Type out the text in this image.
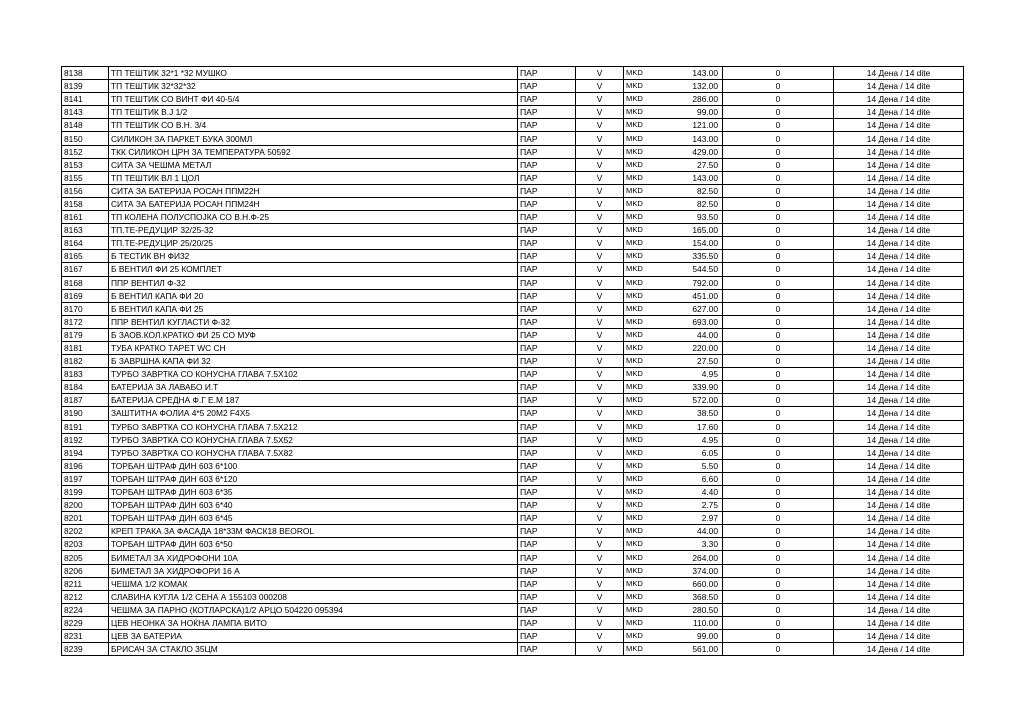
8138	ТП ТЕШТИК 32*1 *32 МУШКО	ПАР	V	MKD	143.00	0	14 Дена / 14 dite
8139	ТП ТЕШТИК 32*32*32	ПАР	V	MKD	132.00	0	14 Дена / 14 dite
8141	ТП ТЕШТИК СО ВИНТ ФИ 40-5/4	ПАР	V	MKD	286.00	0	14 Дена / 14 dite
8143	ТП ТЕШТИК В.Ј 1/2	ПАР	V	MKD	99.00	0	14 Дена / 14 dite
8148	ТП ТЕШТИК СО В.Н. 3/4	ПАР	V	MKD	121.00	0	14 Дена / 14 dite
8150	СИЛИКОН ЗА ПАРКЕТ БУКА 300МЛ	ПАР	V	MKD	143.00	0	14 Дена / 14 dite
8152	ТКК СИЛИКОН ЦРН ЗА ТЕМПЕРАТУРА 50592	ПАР	V	MKD	429.00	0	14 Дена / 14 dite
8153	СИТА ЗА ЧЕШМА МЕТАЛ	ПАР	V	MKD	27.50	0	14 Дена / 14 dite
8155	ТП ТЕШТИК ВЛ 1 ЦОЛ	ПАР	V	MKD	143.00	0	14 Дена / 14 dite
8156	СИТА ЗА БАТЕРИЈА РОСАН ППМ22Н	ПАР	V	MKD	82.50	0	14 Дена / 14 dite
8158	СИТА ЗА БАТЕРИЈА РОСАН ППМ24Н	ПАР	V	MKD	82.50	0	14 Дена / 14 dite
8161	ТП КОЛЕНА ПОЛУСПОЈКА СО В.Н.Ф-25	ПАР	V	MKD	93.50	0	14 Дена / 14 dite
8163	ТП.ТЕ-РЕДУЦИР 32/25-32	ПАР	V	MKD	165.00	0	14 Дена / 14 dite
8164	ТП.ТЕ-РЕДУЦИР 25/20/25	ПАР	V	MKD	154.00	0	14 Дена / 14 dite
8165	Б ТЕСТИК ВН ФИ32	ПАР	V	MKD	335.50	0	14 Дена / 14 dite
8167	Б ВЕНТИЛ ФИ 25 КОМПЛЕТ	ПАР	V	MKD	544.50	0	14 Дена / 14 dite
8168	ППР ВЕНТИЛ Ф-32	ПАР	V	MKD	792.00	0	14 Дена / 14 dite
8169	Б ВЕНТИЛ КАПА ФИ 20	ПАР	V	MKD	451.00	0	14 Дена / 14 dite
8170	Б ВЕНТИЛ КАПА ФИ 25	ПАР	V	MKD	627.00	0	14 Дена / 14 dite
8172	ППР ВЕНТИЛ КУГЛАСТИ Ф-32	ПАР	V	MKD	693.00	0	14 Дена / 14 dite
8179	Б ЗАОВ.КОЛ.КРАТКО ФИ 25 СО МУФ	ПАР	V	MKD	44.00	0	14 Дена / 14 dite
8181	ТУБА КРАТКО ТАРЕТ WC CH	ПАР	V	MKD	220.00	0	14 Дена / 14 dite
8182	Б ЗАВРШНА КАПА ФИ 32	ПАР	V	MKD	27.50	0	14 Дена / 14 dite
8183	ТУРБО ЗАВРТКА СО КОНУСНА ГЛАВА 7.5Х102	ПАР	V	MKD	4.95	0	14 Дена / 14 dite
8184	БАТЕРИЈА ЗА ЛАВАБО И.Т	ПАР	V	MKD	339.90	0	14 Дена / 14 dite
8187	БАТЕРИЈА СРЕДНА Ф.Г Е.М 187	ПАР	V	MKD	572.00	0	14 Дена / 14 dite
8190	ЗАШТИТНА ФОЛИА 4*5 20М2 F4X5	ПАР	V	MKD	38.50	0	14 Дена / 14 dite
8191	ТУРБО ЗАВРТКА СО КОНУСНА ГЛАВА 7.5Х212	ПАР	V	MKD	17.60	0	14 Дена / 14 dite
8192	ТУРБО ЗАВРТКА СО КОНУСНА ГЛАВА 7.5Х52	ПАР	V	MKD	4.95	0	14 Дена / 14 dite
8194	ТУРБО ЗАВРТКА СО КОНУСНА ГЛАВА 7.5Х82	ПАР	V	MKD	6.05	0	14 Дена / 14 dite
8196	ТОРБАН ШТРАФ ДИН 603 6*100	ПАР	V	MKD	5.50	0	14 Дена / 14 dite
8197	ТОРБАН ШТРАФ ДИН 603 6*120	ПАР	V	MKD	6.60	0	14 Дена / 14 dite
8199	ТОРБАН ШТРАФ ДИН 603 6*35	ПАР	V	MKD	4.40	0	14 Дена / 14 dite
8200	ТОРБАН ШТРАФ ДИН 603 6*40	ПАР	V	MKD	2.75	0	14 Дена / 14 dite
8201	ТОРБАН ШТРАФ ДИН 603 6*45	ПАР	V	MKD	2.97	0	14 Дена / 14 dite
8202	КРЕП ТРАКА ЗА ФАСАДА 18*33М ФАСК18 BEOROL	ПАР	V	MKD	44.00	0	14 Дена / 14 dite
8203	ТОРБАН ШТРАФ ДИН 603 6*50	ПАР	V	MKD	3.30	0	14 Дена / 14 dite
8205	БИМЕТАЛ ЗА ХИДРОФОНИ 10А	ПАР	V	MKD	264.00	0	14 Дена / 14 dite
8206	БИМЕТАЛ ЗА ХИДРОФОРИ 16 А	ПАР	V	MKD	374.00	0	14 Дена / 14 dite
8211	ЧЕШМА 1/2 КОМАК	ПАР	V	MKD	660.00	0	14 Дена / 14 dite
8212	СЛАВИНА КУГЛА 1/2 СЕНА А 155103 000208	ПАР	V	MKD	368.50	0	14 Дена / 14 dite
8224	ЧЕШМА ЗА ПАРНО (КОТЛАРСКА)1/2 АРЦО 504220 095394	ПАР	V	MKD	280.50	0	14 Дена / 14 dite
8229	ЦЕВ НЕОНКА ЗА НОЌНА ЛАМПА ВИТО	ПАР	V	MKD	110.00	0	14 Дена / 14 dite
8231	ЦЕВ ЗА БАТЕРИА	ПАР	V	MKD	99.00	0	14 Дена / 14 dite
8239	БРИСАЧ ЗА СТАКЛО 35ЦМ	ПАР	V	MKD	561.00	0	14 Дена / 14 dite
